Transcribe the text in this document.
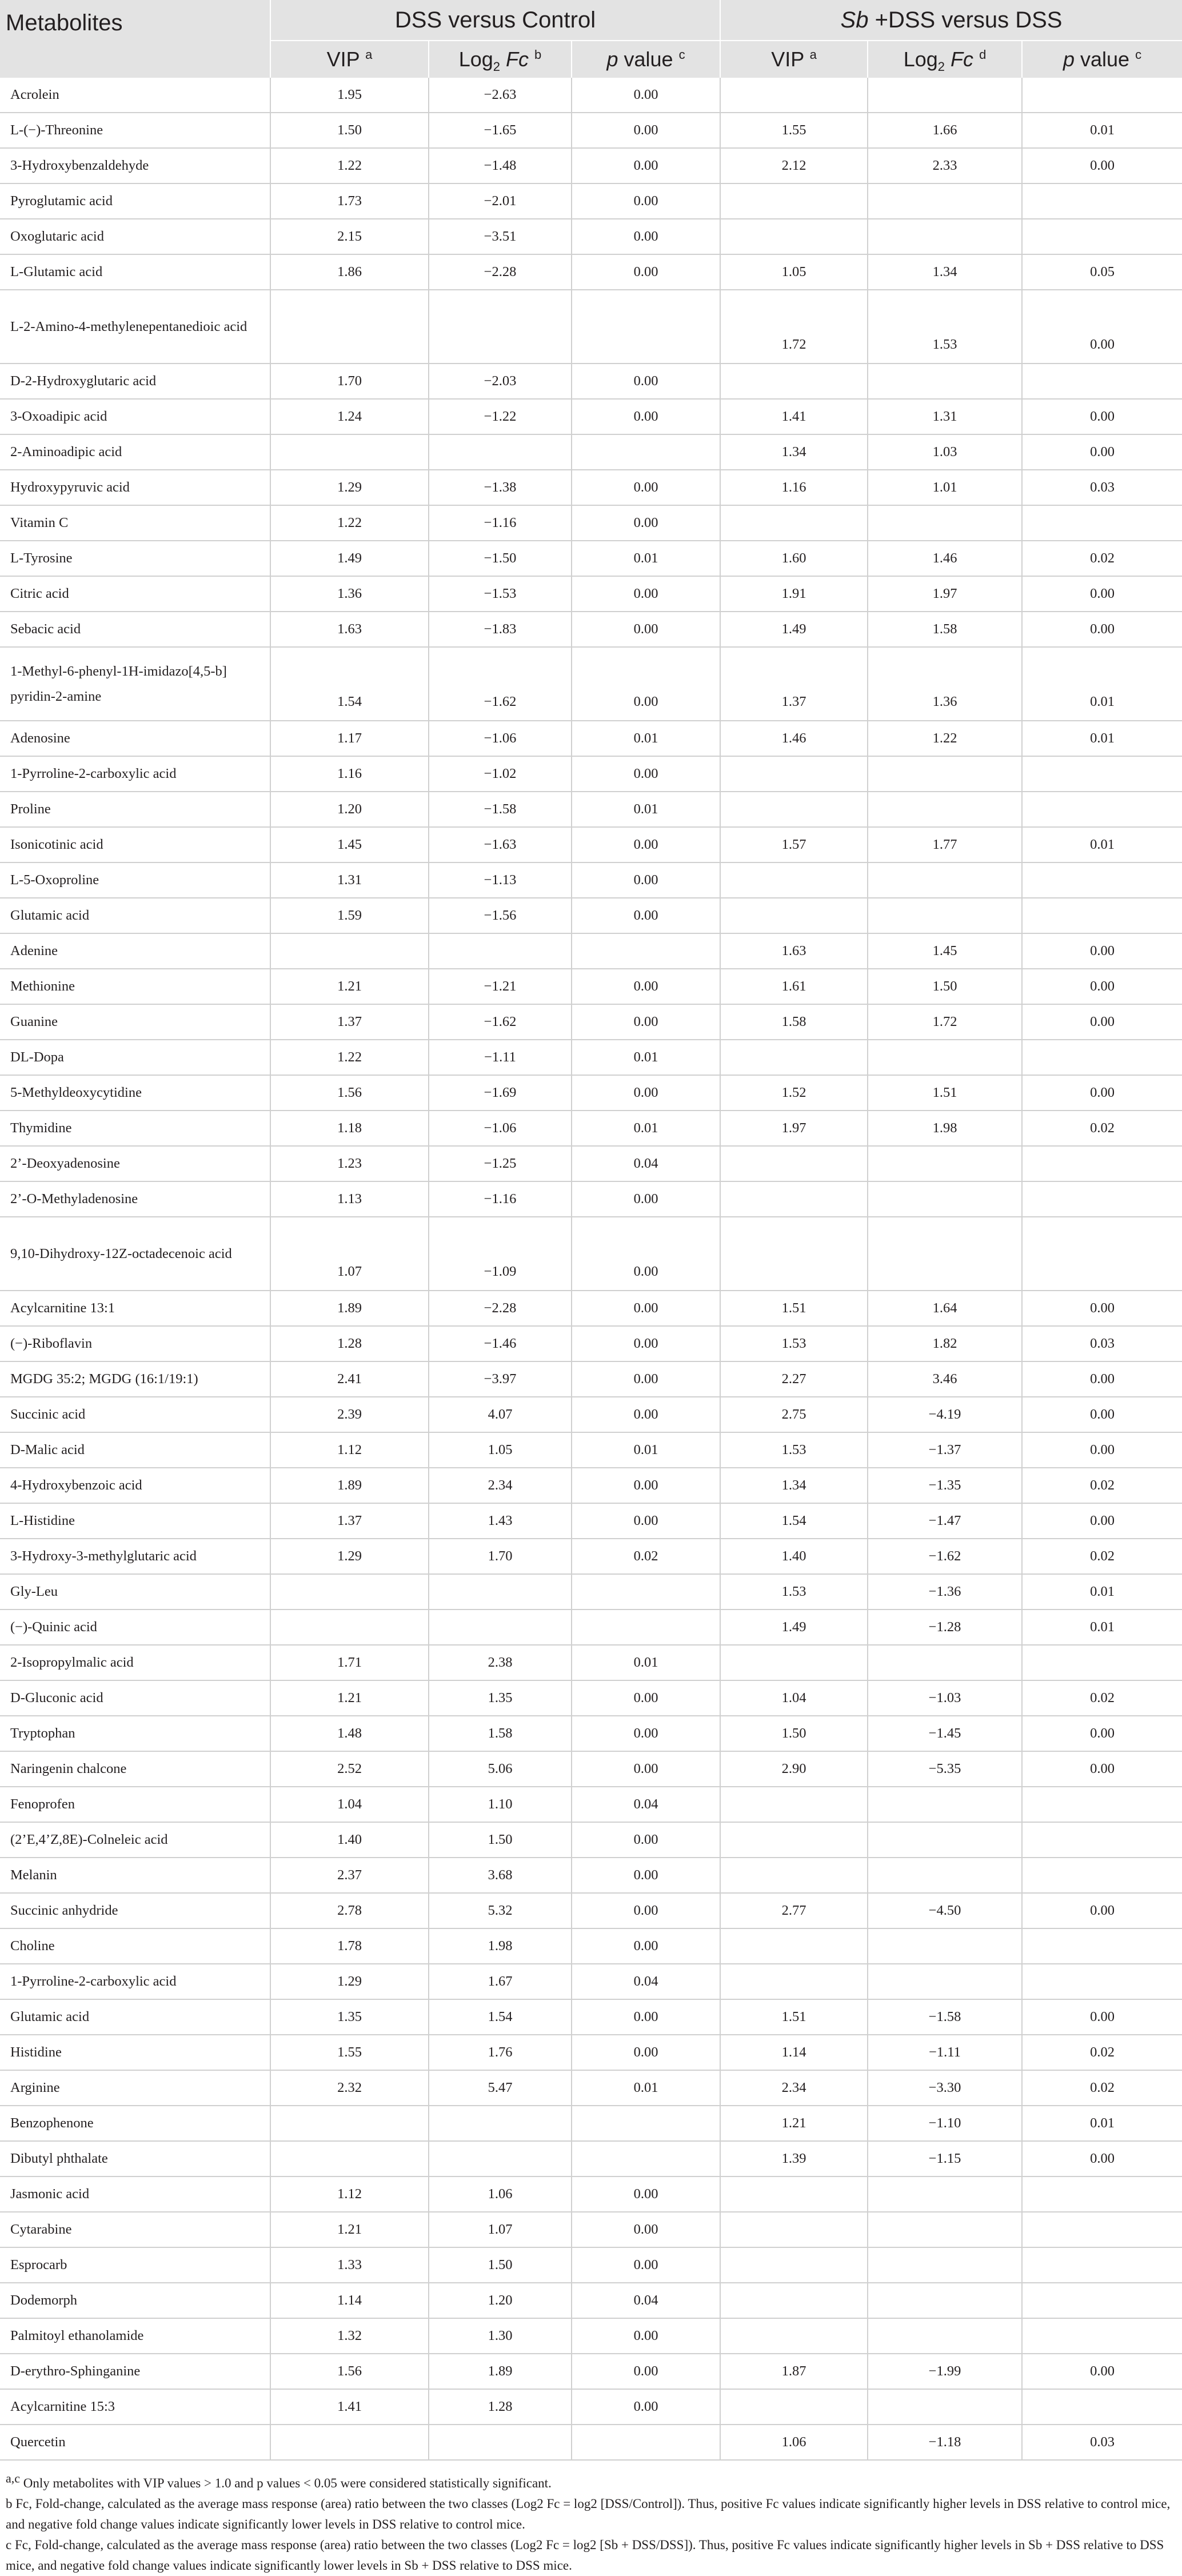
Metabolites	DSS versus Control			Sb +DSS versus DSS		
	VIP $^a$	Log$_2$ Fc $^b$	p value $^c$	VIP $^a$	Log$_2$ Fc $^d$	p value $^c$
Acrolein	1.95	−2.63	0.00			
L-(−)-Threonine	1.50	−1.65	0.00	1.55	1.66	0.01
3-Hydroxybenzaldehyde	1.22	−1.48	0.00	2.12	2.33	0.00
Pyroglutamic acid	1.73	−2.01	0.00			
Oxoglutaric acid	2.15	−3.51	0.00			
L-Glutamic acid	1.86	−2.28	0.00	1.05	1.34	0.05
L-2-Amino-4-methylenepentanedioic acid				1.72	1.53	0.00
D-2-Hydroxyglutaric acid	1.70	−2.03	0.00			
3-Oxoadipic acid	1.24	−1.22	0.00	1.41	1.31	0.00
2-Aminoadipic acid				1.34	1.03	0.00
Hydroxypyruvic acid	1.29	−1.38	0.00	1.16	1.01	0.03
Vitamin C	1.22	−1.16	0.00			
L-Tyrosine	1.49	−1.50	0.01	1.60	1.46	0.02
Citric acid	1.36	−1.53	0.00	1.91	1.97	0.00
Sebacic acid	1.63	−1.83	0.00	1.49	1.58	0.00
1-Methyl-6-phenyl-1H-imidazo[4,5-b] pyridin-2-amine	1.54	−1.62	0.00	1.37	1.36	0.01
Adenosine	1.17	−1.06	0.01	1.46	1.22	0.01
1-Pyrroline-2-carboxylic acid	1.16	−1.02	0.00			
Proline	1.20	−1.58	0.01			
Isonicotinic acid	1.45	−1.63	0.00	1.57	1.77	0.01
L-5-Oxoproline	1.31	−1.13	0.00			
Glutamic acid	1.59	−1.56	0.00			
Adenine				1.63	1.45	0.00
Methionine	1.21	−1.21	0.00	1.61	1.50	0.00
Guanine	1.37	−1.62	0.00	1.58	1.72	0.00
DL-Dopa	1.22	−1.11	0.01			
5-Methyldeoxycytidine	1.56	−1.69	0.00	1.52	1.51	0.00
Thymidine	1.18	−1.06	0.01	1.97	1.98	0.02
2’-Deoxyadenosine	1.23	−1.25	0.04			
2’-O-Methyladenosine	1.13	−1.16	0.00			
9,10-Dihydroxy-12Z-octadecenoic acid	1.07	−1.09	0.00			
Acylcarnitine 13:1	1.89	−2.28	0.00	1.51	1.64	0.00
(−)-Riboflavin	1.28	−1.46	0.00	1.53	1.82	0.03
MGDG 35:2; MGDG (16:1/19:1)	2.41	−3.97	0.00	2.27	3.46	0.00
Succinic acid	2.39	4.07	0.00	2.75	−4.19	0.00
D-Malic acid	1.12	1.05	0.01	1.53	−1.37	0.00
4-Hydroxybenzoic acid	1.89	2.34	0.00	1.34	−1.35	0.02
L-Histidine	1.37	1.43	0.00	1.54	−1.47	0.00
3-Hydroxy-3-methylglutaric acid	1.29	1.70	0.02	1.40	−1.62	0.02
Gly-Leu				1.53	−1.36	0.01
(−)-Quinic acid				1.49	−1.28	0.01
2-Isopropylmalic acid	1.71	2.38	0.01			
D-Gluconic acid	1.21	1.35	0.00	1.04	−1.03	0.02
Tryptophan	1.48	1.58	0.00	1.50	−1.45	0.00
Naringenin chalcone	2.52	5.06	0.00	2.90	−5.35	0.00
Fenoprofen	1.04	1.10	0.04			
(2’E,4’Z,8E)-Colneleic acid	1.40	1.50	0.00			
Melanin	2.37	3.68	0.00			
Succinic anhydride	2.78	5.32	0.00	2.77	−4.50	0.00
Choline	1.78	1.98	0.00			
1-Pyrroline-2-carboxylic acid	1.29	1.67	0.04			
Glutamic acid	1.35	1.54	0.00	1.51	−1.58	0.00
Histidine	1.55	1.76	0.00	1.14	−1.11	0.02
Arginine	2.32	5.47	0.01	2.34	−3.30	0.02
Benzophenone				1.21	−1.10	0.01
Dibutyl phthalate				1.39	−1.15	0.00
Jasmonic acid	1.12	1.06	0.00			
Cytarabine	1.21	1.07	0.00			
Esprocarb	1.33	1.50	0.00			
Dodemorph	1.14	1.20	0.04			
Palmitoyl ethanolamide	1.32	1.30	0.00			
D-erythro-Sphinganine	1.56	1.89	0.00	1.87	−1.99	0.00
Acylcarnitine 15:3	1.41	1.28	0.00			
Quercetin				1.06	−1.18	0.03

a,c Only metabolites with VIP values > 1.0 and p values < 0.05 were considered statistically significant.

b Fc, Fold-change, calculated as the average mass response (area) ratio between the two classes (Log2 Fc = log2 [DSS/Control]). Thus, positive Fc values indicate significantly higher levels in DSS relative to control mice, and negative fold change values indicate significantly lower levels in DSS relative to control mice.

c Fc, Fold-change, calculated as the average mass response (area) ratio between the two classes (Log2 Fc = log2 [Sb + DSS/DSS]). Thus, positive Fc values indicate significantly higher levels in Sb + DSS relative to DSS mice, and negative fold change values indicate significantly lower levels in Sb + DSS relative to DSS mice.
